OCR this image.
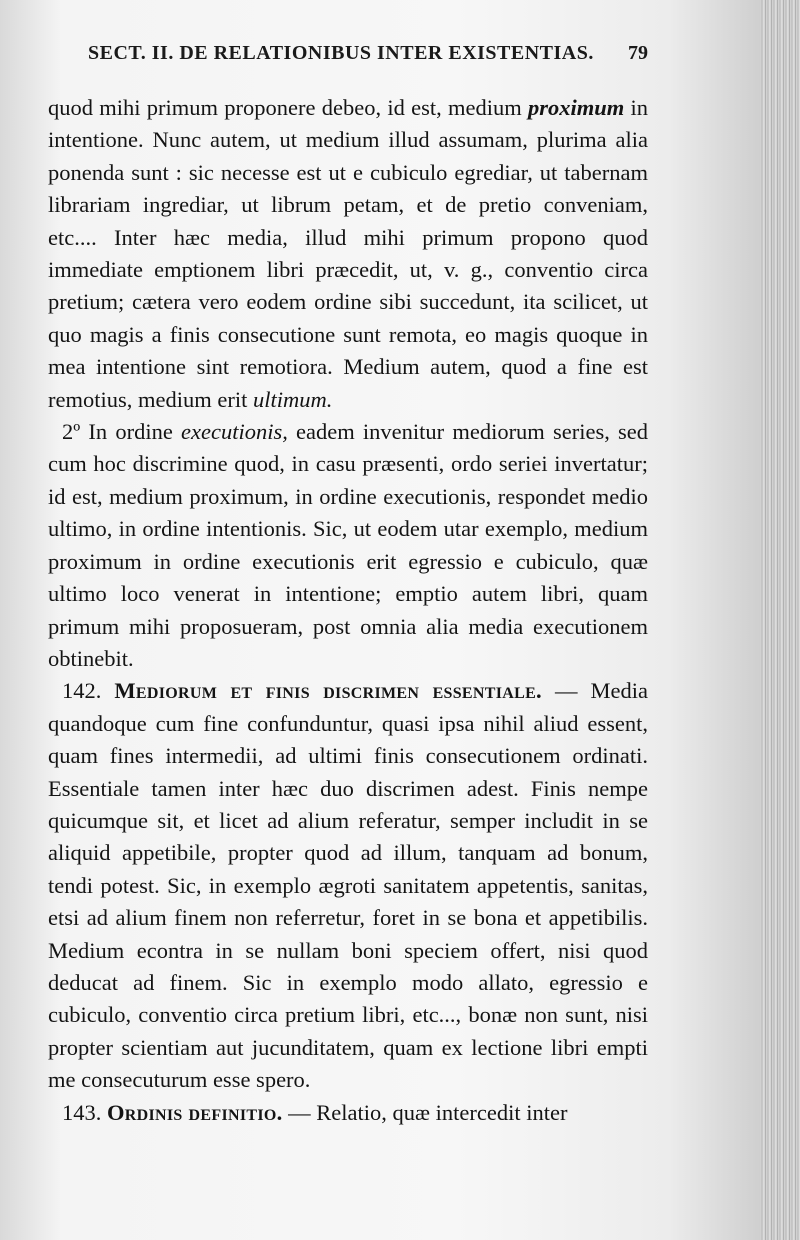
SECT. II. DE RELATIONIBUS INTER EXISTENTIAS. 79

quod mihi primum proponere debeo, id est, medium proximum in intentione. Nunc autem, ut medium illud assumam, plurima alia ponenda sunt : sic necesse est ut e cubiculo egrediar, ut tabernam librariam ingrediar, ut librum petam, et de pretio conveniam, etc.... Inter hæc media, illud mihi primum propono quod immediate emptionem libri præcedit, ut, v. g., conventio circa pretium; cætera vero eodem ordine sibi succedunt, ita scilicet, ut quo magis a finis consecutione sunt remota, eo magis quoque in mea intentione sint remotiora. Medium autem, quod a fine est remotius, medium erit ultimum.

2º In ordine executionis, eadem invenitur mediorum series, sed cum hoc discrimine quod, in casu præsenti, ordo seriei invertatur; id est, medium proximum, in ordine executionis, respondet medio ultimo, in ordine intentionis. Sic, ut eodem utar exemplo, medium proximum in ordine executionis erit egressio e cubiculo, quæ ultimo loco venerat in intentione; emptio autem libri, quam primum mihi proposueram, post omnia alia media executionem obtinebit.

142. Mediorum et finis discrimen essentiale. — Media quandoque cum fine confunduntur, quasi ipsa nihil aliud essent, quam fines intermedii, ad ultimi finis consecutionem ordinati. Essentiale tamen inter hæc duo discrimen adest. Finis nempe quicumque sit, et licet ad alium referatur, semper includit in se aliquid appetibile, propter quod ad illum, tanquam ad bonum, tendi potest. Sic, in exemplo ægroti sanitatem appetentis, sanitas, etsi ad alium finem non referretur, foret in se bona et appetibilis. Medium econtra in se nullam boni speciem offert, nisi quod deducat ad finem. Sic in exemplo modo allato, egressio e cubiculo, conventio circa pretium libri, etc..., bonæ non sunt, nisi propter scientiam aut jucunditatem, quam ex lectione libri empti me consecuturum esse spero.

143. Ordinis definitio. — Relatio, quæ intercedit inter
